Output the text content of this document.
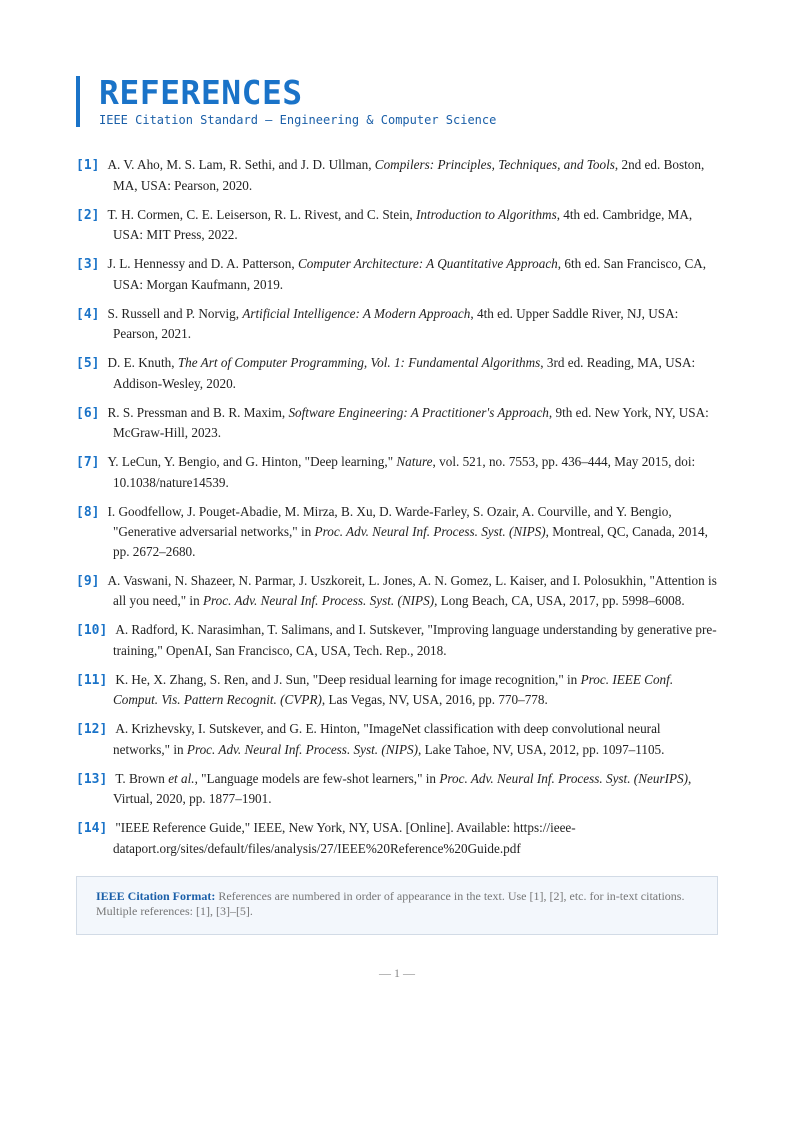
REFERENCES
IEEE Citation Standard — Engineering & Computer Science
[1] A. V. Aho, M. S. Lam, R. Sethi, and J. D. Ullman, Compilers: Principles, Techniques, and Tools, 2nd ed. Boston, MA, USA: Pearson, 2020.
[2] T. H. Cormen, C. E. Leiserson, R. L. Rivest, and C. Stein, Introduction to Algorithms, 4th ed. Cambridge, MA, USA: MIT Press, 2022.
[3] J. L. Hennessy and D. A. Patterson, Computer Architecture: A Quantitative Approach, 6th ed. San Francisco, CA, USA: Morgan Kaufmann, 2019.
[4] S. Russell and P. Norvig, Artificial Intelligence: A Modern Approach, 4th ed. Upper Saddle River, NJ, USA: Pearson, 2021.
[5] D. E. Knuth, The Art of Computer Programming, Vol. 1: Fundamental Algorithms, 3rd ed. Reading, MA, USA: Addison-Wesley, 2020.
[6] R. S. Pressman and B. R. Maxim, Software Engineering: A Practitioner's Approach, 9th ed. New York, NY, USA: McGraw-Hill, 2023.
[7] Y. LeCun, Y. Bengio, and G. Hinton, "Deep learning," Nature, vol. 521, no. 7553, pp. 436–444, May 2015, doi: 10.1038/nature14539.
[8] I. Goodfellow, J. Pouget-Abadie, M. Mirza, B. Xu, D. Warde-Farley, S. Ozair, A. Courville, and Y. Bengio, "Generative adversarial networks," in Proc. Adv. Neural Inf. Process. Syst. (NIPS), Montreal, QC, Canada, 2014, pp. 2672–2680.
[9] A. Vaswani, N. Shazeer, N. Parmar, J. Uszkoreit, L. Jones, A. N. Gomez, L. Kaiser, and I. Polosukhin, "Attention is all you need," in Proc. Adv. Neural Inf. Process. Syst. (NIPS), Long Beach, CA, USA, 2017, pp. 5998–6008.
[10] A. Radford, K. Narasimhan, T. Salimans, and I. Sutskever, "Improving language understanding by generative pre-training," OpenAI, San Francisco, CA, USA, Tech. Rep., 2018.
[11] K. He, X. Zhang, S. Ren, and J. Sun, "Deep residual learning for image recognition," in Proc. IEEE Conf. Comput. Vis. Pattern Recognit. (CVPR), Las Vegas, NV, USA, 2016, pp. 770–778.
[12] A. Krizhevsky, I. Sutskever, and G. E. Hinton, "ImageNet classification with deep convolutional neural networks," in Proc. Adv. Neural Inf. Process. Syst. (NIPS), Lake Tahoe, NV, USA, 2012, pp. 1097–1105.
[13] T. Brown et al., "Language models are few-shot learners," in Proc. Adv. Neural Inf. Process. Syst. (NeurIPS), Virtual, 2020, pp. 1877–1901.
[14] "IEEE Reference Guide," IEEE, New York, NY, USA. [Online]. Available: https://ieee-dataport.org/sites/default/files/analysis/27/IEEE%20Reference%20Guide.pdf
IEEE Citation Format: References are numbered in order of appearance in the text. Use [1], [2], etc. for in-text citations. Multiple references: [1], [3]–[5].
— 1 —
